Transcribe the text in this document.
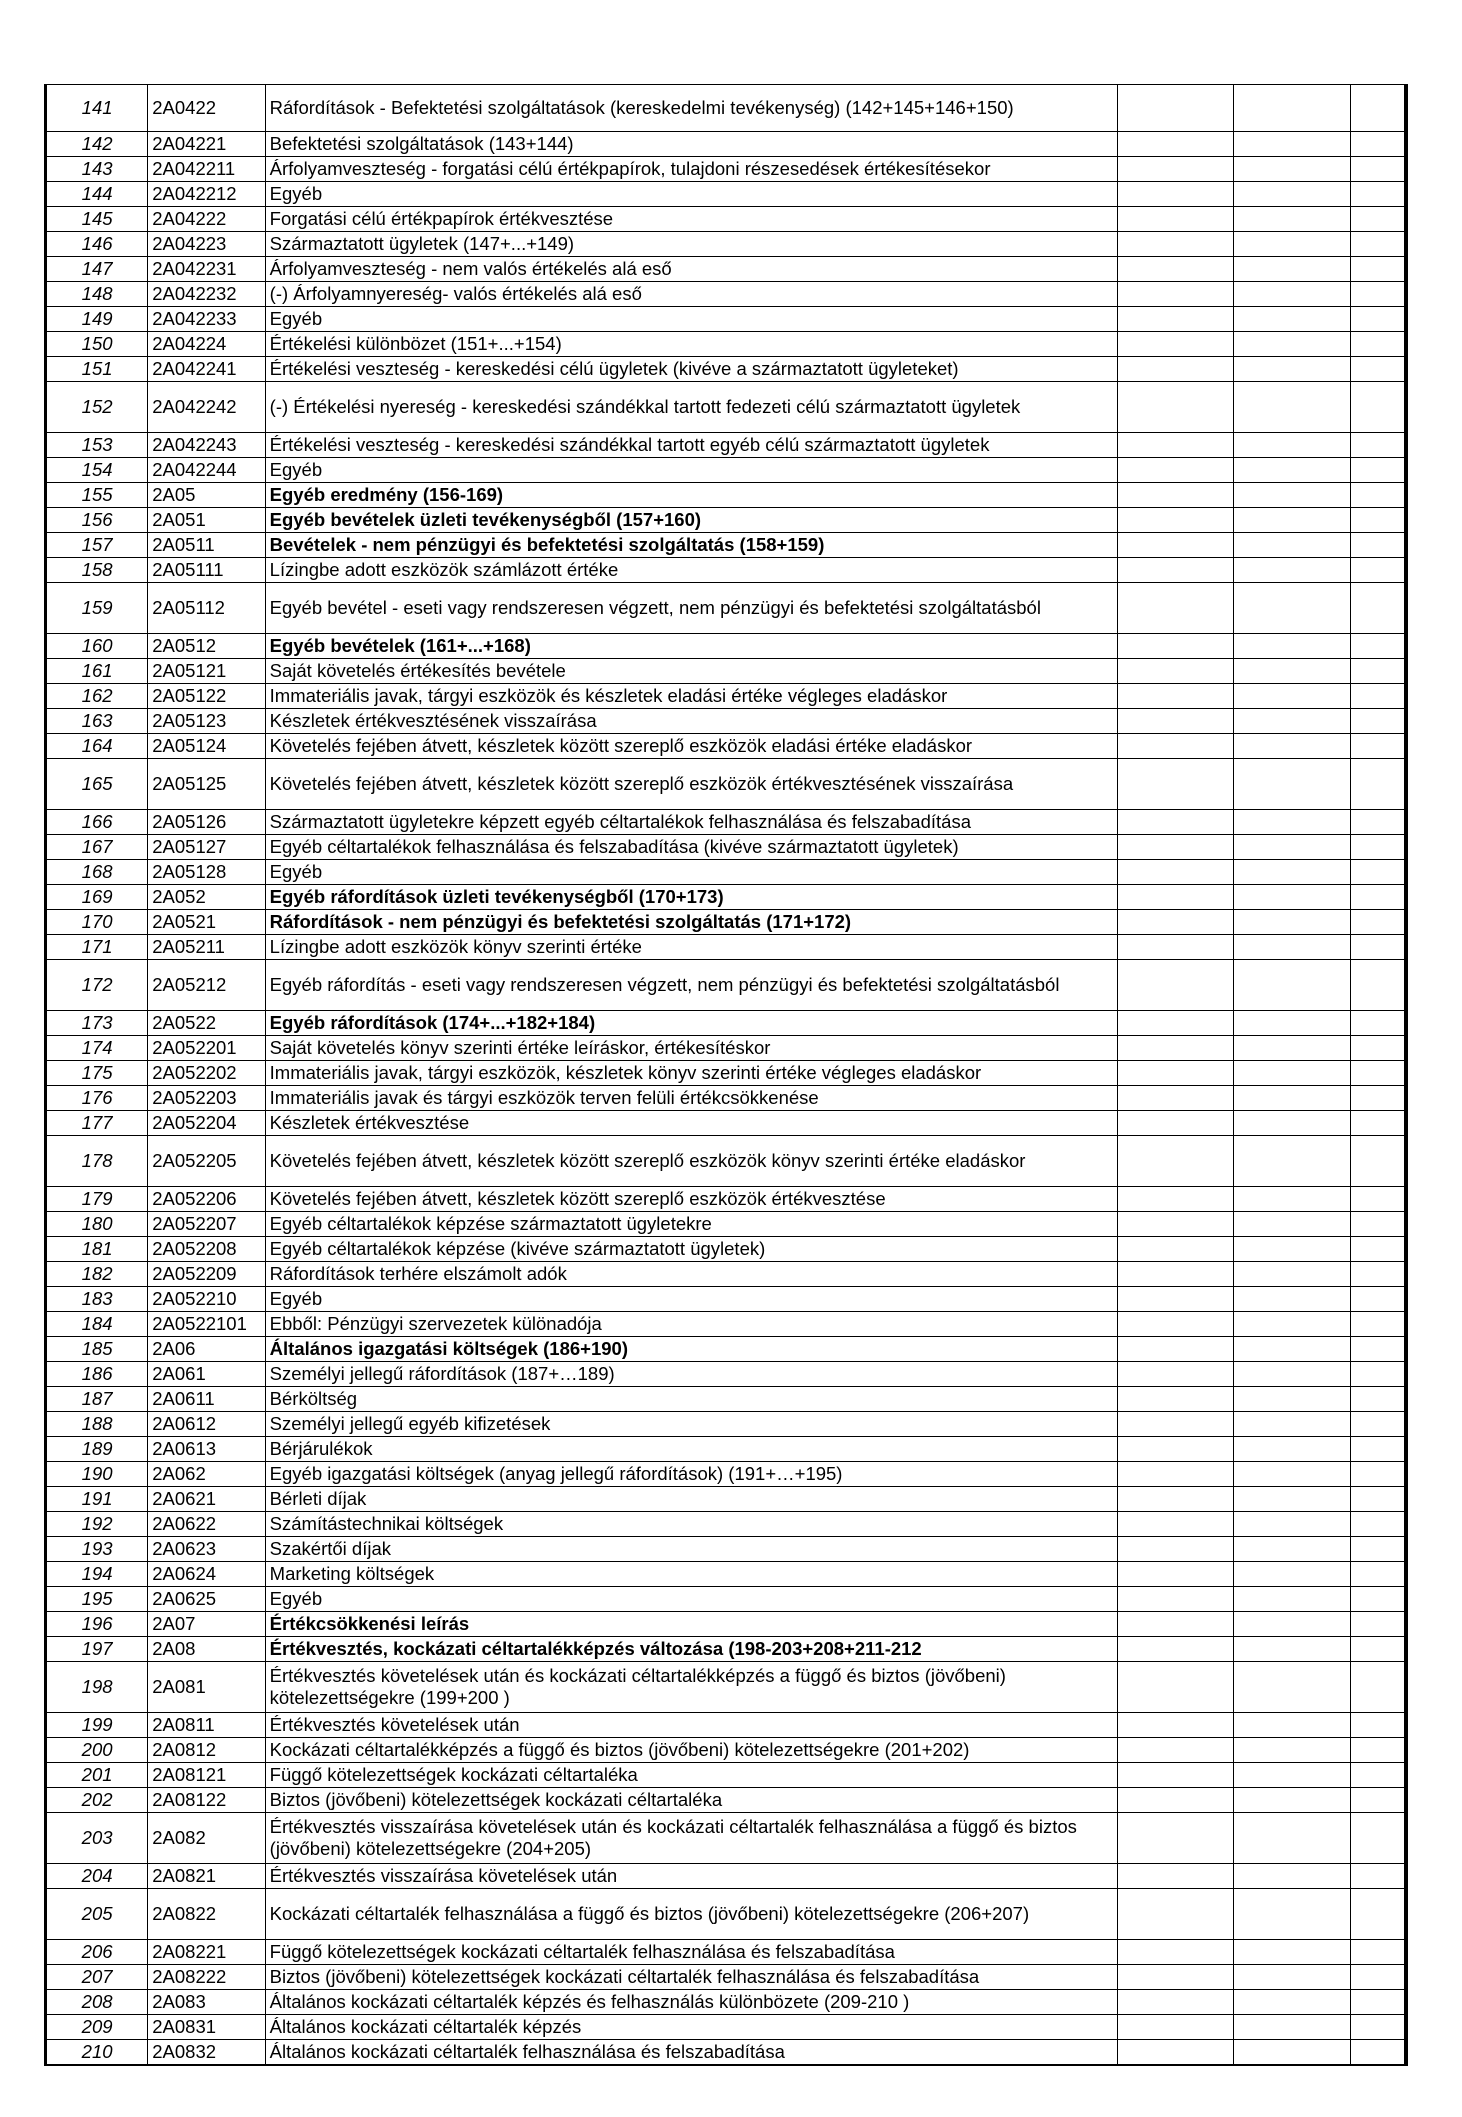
141	2A0422	Ráfordítások - Befektetési szolgáltatások (kereskedelmi tevékenység) (142+145+146+150)			
142	2A04221	Befektetési szolgáltatások (143+144)			
143	2A042211	Árfolyamveszteség - forgatási célú értékpapírok, tulajdoni részesedések értékesítésekor			
144	2A042212	Egyéb			
145	2A04222	Forgatási célú értékpapírok értékvesztése			
146	2A04223	Származtatott ügyletek (147+...+149)			
147	2A042231	Árfolyamveszteség - nem valós értékelés alá eső			
148	2A042232	(-) Árfolyamnyereség- valós értékelés alá eső			
149	2A042233	Egyéb			
150	2A04224	Értékelési különbözet (151+...+154)			
151	2A042241	Értékelési veszteség - kereskedési célú ügyletek (kivéve a származtatott ügyleteket)			
152	2A042242	(-) Értékelési nyereség - kereskedési szándékkal tartott fedezeti célú származtatott ügyletek			
153	2A042243	Értékelési veszteség - kereskedési szándékkal tartott egyéb célú származtatott ügyletek			
154	2A042244	Egyéb			
155	2A05	Egyéb eredmény (156-169)			
156	2A051	Egyéb bevételek üzleti tevékenységből (157+160)			
157	2A0511	Bevételek - nem pénzügyi és befektetési szolgáltatás (158+159)			
158	2A05111	Lízingbe adott eszközök számlázott értéke			
159	2A05112	Egyéb bevétel - eseti vagy rendszeresen végzett, nem pénzügyi és befektetési szolgáltatásból			
160	2A0512	Egyéb bevételek (161+...+168)			
161	2A05121	Saját követelés értékesítés bevétele			
162	2A05122	Immateriális javak, tárgyi eszközök és készletek eladási értéke végleges eladáskor			
163	2A05123	Készletek értékvesztésének visszaírása			
164	2A05124	Követelés fejében átvett, készletek között szereplő eszközök eladási értéke eladáskor			
165	2A05125	Követelés fejében átvett, készletek között szereplő eszközök értékvesztésének visszaírása			
166	2A05126	Származtatott ügyletekre képzett egyéb céltartalékok felhasználása és felszabadítása			
167	2A05127	Egyéb céltartalékok felhasználása és felszabadítása (kivéve származtatott ügyletek)			
168	2A05128	Egyéb			
169	2A052	Egyéb ráfordítások üzleti tevékenységből (170+173)			
170	2A0521	Ráfordítások - nem pénzügyi és befektetési szolgáltatás (171+172)			
171	2A05211	Lízingbe adott eszközök könyv szerinti értéke			
172	2A05212	Egyéb ráfordítás - eseti vagy rendszeresen végzett, nem pénzügyi és befektetési szolgáltatásból			
173	2A0522	Egyéb ráfordítások (174+...+182+184)			
174	2A052201	Saját követelés könyv szerinti értéke leíráskor, értékesítéskor			
175	2A052202	Immateriális javak, tárgyi eszközök, készletek könyv szerinti értéke végleges eladáskor			
176	2A052203	Immateriális javak és tárgyi eszközök terven felüli értékcsökkenése			
177	2A052204	Készletek értékvesztése			
178	2A052205	Követelés fejében átvett, készletek között szereplő eszközök könyv szerinti értéke eladáskor			
179	2A052206	Követelés fejében átvett, készletek között szereplő eszközök értékvesztése			
180	2A052207	Egyéb céltartalékok képzése származtatott ügyletekre			
181	2A052208	Egyéb céltartalékok képzése (kivéve származtatott ügyletek)			
182	2A052209	Ráfordítások terhére elszámolt adók			
183	2A052210	Egyéb			
184	2A0522101	Ebből: Pénzügyi szervezetek különadója			
185	2A06	Általános igazgatási költségek (186+190)			
186	2A061	Személyi jellegű ráfordítások (187+…189)			
187	2A0611	Bérköltség			
188	2A0612	Személyi jellegű egyéb kifizetések			
189	2A0613	Bérjárulékok			
190	2A062	Egyéb igazgatási költségek (anyag jellegű ráfordítások) (191+…+195)			
191	2A0621	Bérleti díjak			
192	2A0622	Számítástechnikai költségek			
193	2A0623	Szakértői díjak			
194	2A0624	Marketing költségek			
195	2A0625	Egyéb			
196	2A07	Értékcsökkenési leírás			
197	2A08	Értékvesztés, kockázati céltartalékképzés változása (198-203+208+211-212			
198	2A081	Értékvesztés követelések után és kockázati céltartalékképzés a függő és biztos (jövőbeni) kötelezettségekre (199+200 )			
199	2A0811	Értékvesztés követelések után			
200	2A0812	Kockázati céltartalékképzés a függő és biztos (jövőbeni) kötelezettségekre (201+202)			
201	2A08121	Függő kötelezettségek kockázati céltartaléka			
202	2A08122	Biztos (jövőbeni) kötelezettségek kockázati céltartaléka			
203	2A082	Értékvesztés visszaírása követelések után és kockázati céltartalék felhasználása a függő és biztos (jövőbeni) kötelezettségekre (204+205)			
204	2A0821	Értékvesztés visszaírása követelések után			
205	2A0822	Kockázati céltartalék felhasználása a függő és biztos (jövőbeni) kötelezettségekre (206+207)			
206	2A08221	Függő kötelezettségek kockázati céltartalék felhasználása és felszabadítása			
207	2A08222	Biztos (jövőbeni) kötelezettségek kockázati céltartalék felhasználása és felszabadítása			
208	2A083	Általános kockázati céltartalék képzés és felhasználás különbözete (209-210 )			
209	2A0831	Általános kockázati céltartalék képzés			
210	2A0832	Általános kockázati céltartalék felhasználása és felszabadítása			
